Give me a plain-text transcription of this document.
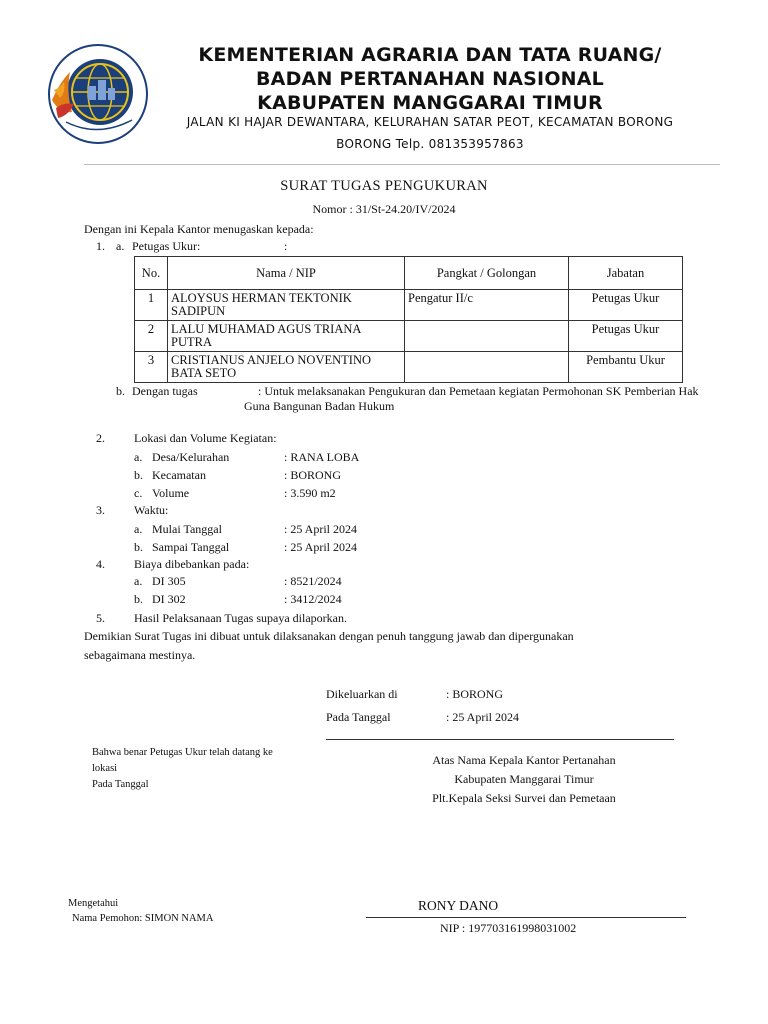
KEMENTERIAN AGRARIA DAN TATA RUANG/
BADAN PERTANAHAN NASIONAL
KABUPATEN MANGGARAI TIMUR
JALAN KI HAJAR DEWANTARA, KELURAHAN SATAR PEOT, KECAMATAN BORONG
BORONG Telp. 081353957863
SURAT TUGAS PENGUKURAN
Nomor : 31/St-24.20/IV/2024
Dengan ini Kepala Kantor menugaskan kepada:
1. a. Petugas Ukur:	:
No.	Nama / NIP	Pangkat / Golongan	Jabatan
1	ALOYSUS HERMAN TEKTONIK SADIPUN	Pengatur II/c	Petugas Ukur
2	LALU MUHAMAD AGUS TRIANA PUTRA		Petugas Ukur
3	CRISTIANUS ANJELO NOVENTINO BATA SETO		Pembantu Ukur
b. Dengan tugas	: Untuk melaksanakan Pengukuran dan Pemetaan kegiatan Permohonan SK Pemberian Hak
Guna Bangunan Badan Hukum
2. Lokasi dan Volume Kegiatan:
a. Desa/Kelurahan	: RANA LOBA
b. Kecamatan	: BORONG
c. Volume	: 3.590 m2
3. Waktu:
a. Mulai Tanggal	: 25 April 2024
b. Sampai Tanggal	: 25 April 2024
4. Biaya dibebankan pada:
a. DI 305	: 8521/2024
b. DI 302	: 3412/2024
5. Hasil Pelaksanaan Tugas supaya dilaporkan.
Demikian Surat Tugas ini dibuat untuk dilaksanakan dengan penuh tanggung jawab dan dipergunakan
sebagaimana mestinya.
Dikeluarkan di	: BORONG
Pada Tanggal	: 25 April 2024
Bahwa benar Petugas Ukur telah datang ke
lokasi
Pada Tanggal
Atas Nama Kepala Kantor Pertanahan
Kabupaten Manggarai Timur
Plt.Kepala Seksi Survei dan Pemetaan
Mengetahui
Nama Pemohon: SIMON NAMA
RONY DANO
NIP : 197703161998031002
